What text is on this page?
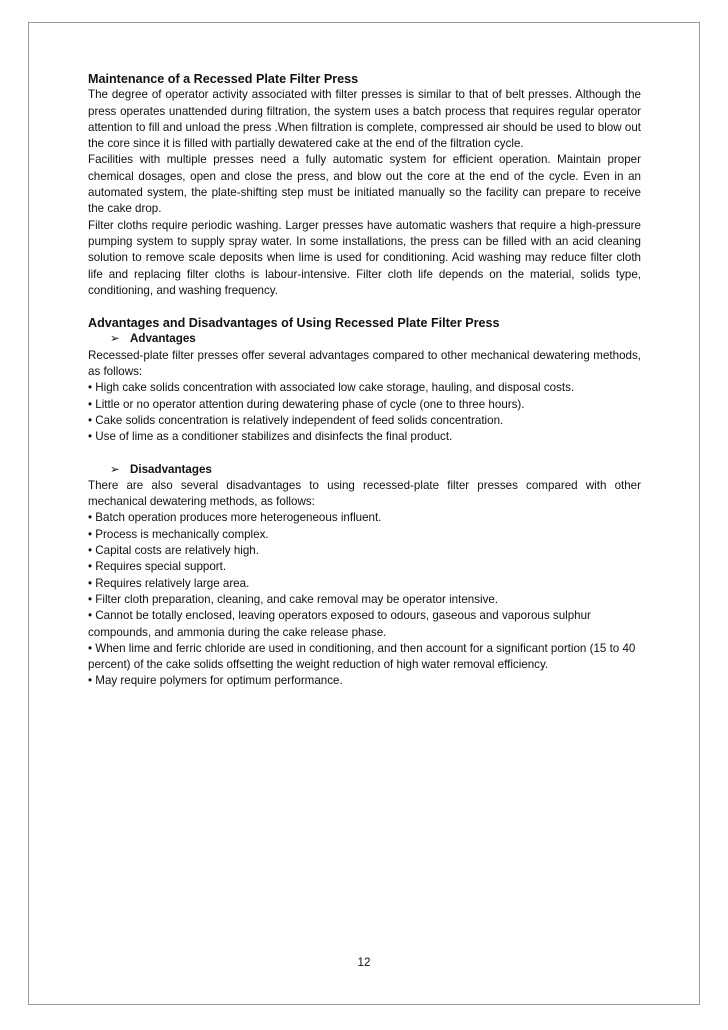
Maintenance of a Recessed Plate Filter Press

The degree of operator activity associated with filter presses is similar to that of belt presses. Although the press operates unattended during filtration, the system uses a batch process that requires regular operator attention to fill and unload the press .When filtration is complete, compressed air should be used to blow out the core since it is filled with partially dewatered cake at the end of the filtration cycle.

Facilities with multiple presses need a fully automatic system for efficient operation. Maintain proper chemical dosages, open and close the press, and blow out the core at the end of the cycle. Even in an automated system, the plate-shifting step must be initiated manually so the facility can prepare to receive the cake drop.

Filter cloths require periodic washing. Larger presses have automatic washers that require a high-pressure pumping system to supply spray water. In some installations, the press can be filled with an acid cleaning solution to remove scale deposits when lime is used for conditioning. Acid washing may reduce filter cloth life and replacing filter cloths is labour-intensive. Filter cloth life depends on the material, solids type, conditioning, and washing frequency.

Advantages and Disadvantages of Using Recessed Plate Filter Press

➢ Advantages

Recessed-plate filter presses offer several advantages compared to other mechanical dewatering methods, as follows:

• High cake solids concentration with associated low cake storage, hauling, and disposal costs.

• Little or no operator attention during dewatering phase of cycle (one to three hours).

• Cake solids concentration is relatively independent of feed solids concentration.

• Use of lime as a conditioner stabilizes and disinfects the final product.

➢ Disadvantages

There are also several disadvantages to using recessed-plate filter presses compared with other mechanical dewatering methods, as follows:

• Batch operation produces more heterogeneous influent.

• Process is mechanically complex.

• Capital costs are relatively high.

• Requires special support.

• Requires relatively large area.

• Filter cloth preparation, cleaning, and cake removal may be operator intensive.

• Cannot be totally enclosed, leaving operators exposed to odours, gaseous and vaporous sulphur compounds, and ammonia during the cake release phase.

• When lime and ferric chloride are used in conditioning, and then account for a significant portion (15 to 40 percent) of the cake solids offsetting the weight reduction of high water removal efficiency.

• May require polymers for optimum performance.

12
